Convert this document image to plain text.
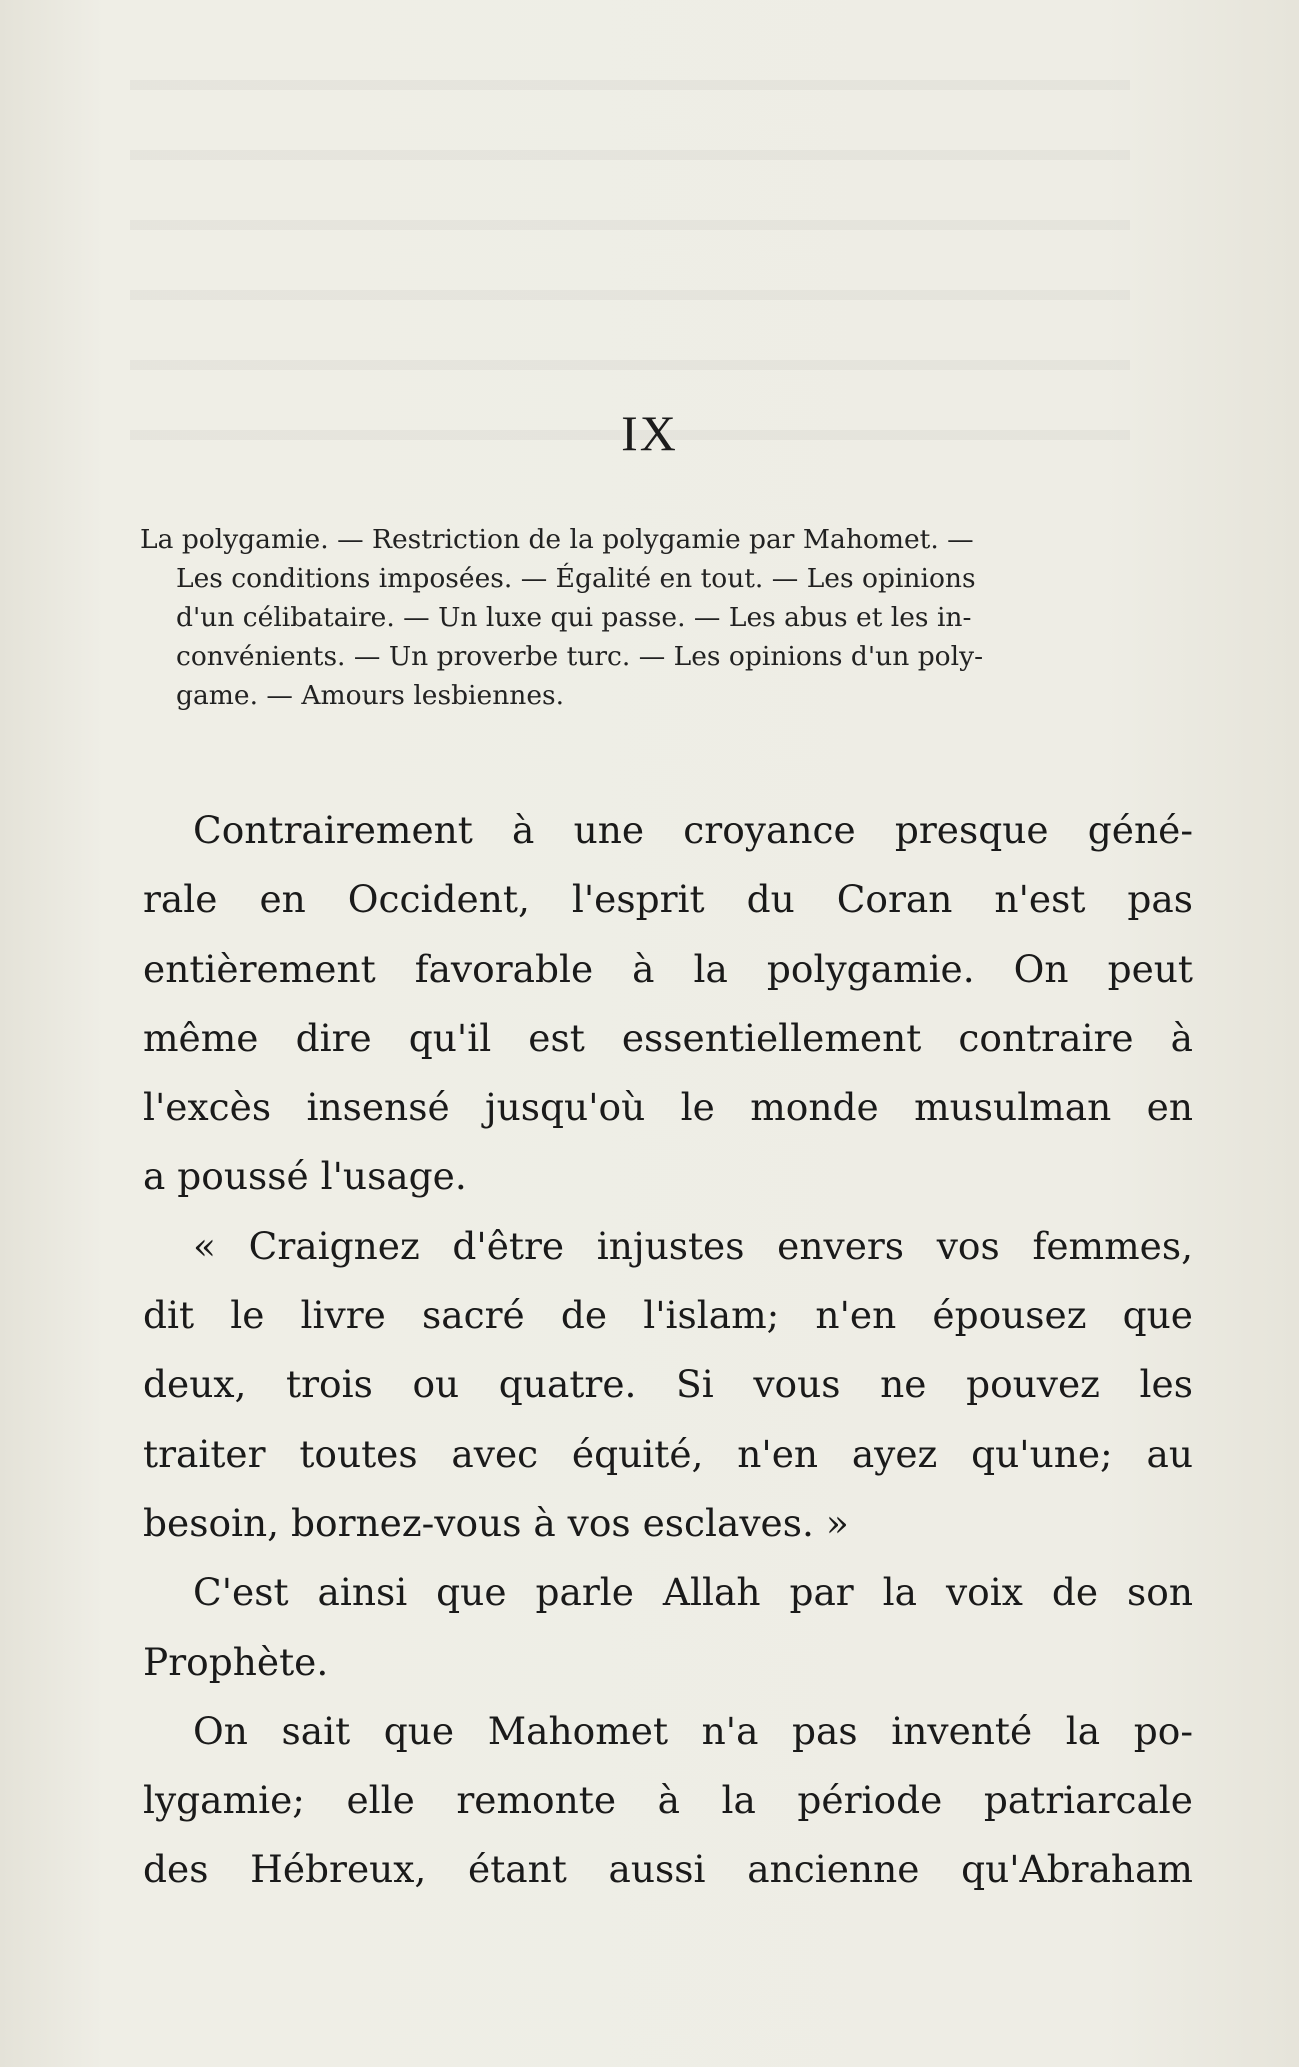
IX
La polygamie. — Restriction de la polygamie par Mahomet. —
Les conditions imposées. — Égalité en tout. — Les opinions
d'un célibataire. — Un luxe qui passe. — Les abus et les in-
convénients. — Un proverbe turc. — Les opinions d'un poly-
game. — Amours lesbiennes.
Contrairement à une croyance presque géné-
rale en Occident, l'esprit du Coran n'est pas
entièrement favorable à la polygamie. On peut
même dire qu'il est essentiellement contraire à
l'excès insensé jusqu'où le monde musulman en
a poussé l'usage.
« Craignez d'être injustes envers vos femmes,
dit le livre sacré de l'islam; n'en épousez que
deux, trois ou quatre. Si vous ne pouvez les
traiter toutes avec équité, n'en ayez qu'une; au
besoin, bornez-vous à vos esclaves. »
C'est ainsi que parle Allah par la voix de son
Prophète.
On sait que Mahomet n'a pas inventé la po-
lygamie; elle remonte à la période patriarcale
des Hébreux, étant aussi ancienne qu'Abraham
